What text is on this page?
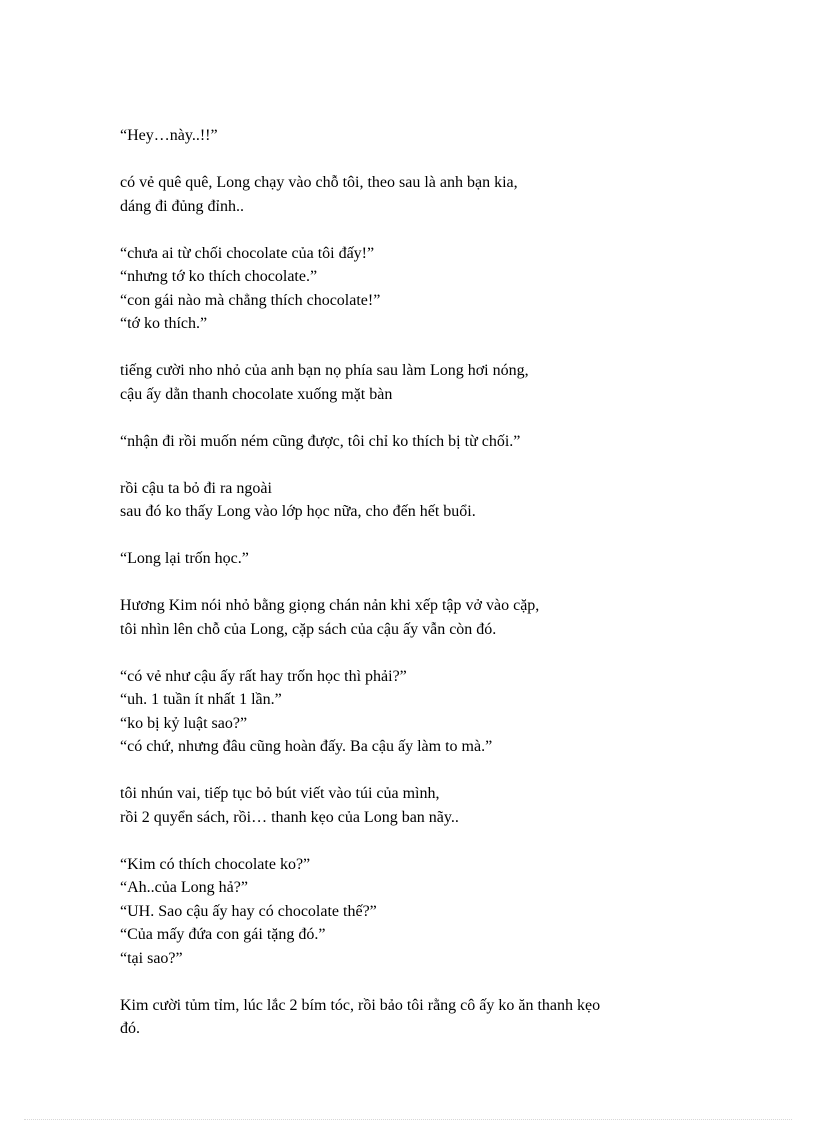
“Hey…này..!!”

có vẻ quê quê, Long chạy vào chỗ tôi, theo sau là anh bạn kia,
dáng đi đủng đỉnh..

“chưa ai từ chối chocolate của tôi đấy!”
“nhưng tớ ko thích chocolate.”
“con gái nào mà chẳng thích chocolate!”
“tớ ko thích.”

tiếng cười nho nhỏ của anh bạn nọ phía sau làm Long hơi nóng,
cậu ấy dằn thanh chocolate xuống mặt bàn

“nhận đi rồi muốn ném cũng được, tôi chỉ ko thích bị từ chối.”

rồi cậu ta bỏ đi ra ngoài
sau đó ko thấy Long vào lớp học nữa, cho đến hết buổi.

“Long lại trốn học.”

Hương Kim nói nhỏ bằng giọng chán nản khi xếp tập vở vào cặp,
tôi nhìn lên chỗ của Long, cặp sách của cậu ấy vẫn còn đó.

“có vẻ như cậu ấy rất hay trốn học thì phải?”
“uh. 1 tuần ít nhất 1 lần.”
“ko bị kỷ luật sao?”
“có chứ, nhưng đâu cũng hoàn đấy. Ba cậu ấy làm to mà.”

tôi nhún vai, tiếp tục bỏ bút viết vào túi của mình,
rồi 2 quyển sách, rồi… thanh kẹo của Long ban nãy..

“Kim có thích chocolate ko?”
“Ah..của Long hả?”
“UH. Sao cậu ấy hay có chocolate thế?”
“Của mấy đứa con gái tặng đó.”
“tại sao?”

Kim cười tủm tỉm, lúc lắc 2 bím tóc, rồi bảo tôi rằng cô ấy ko ăn thanh kẹo
đó.
